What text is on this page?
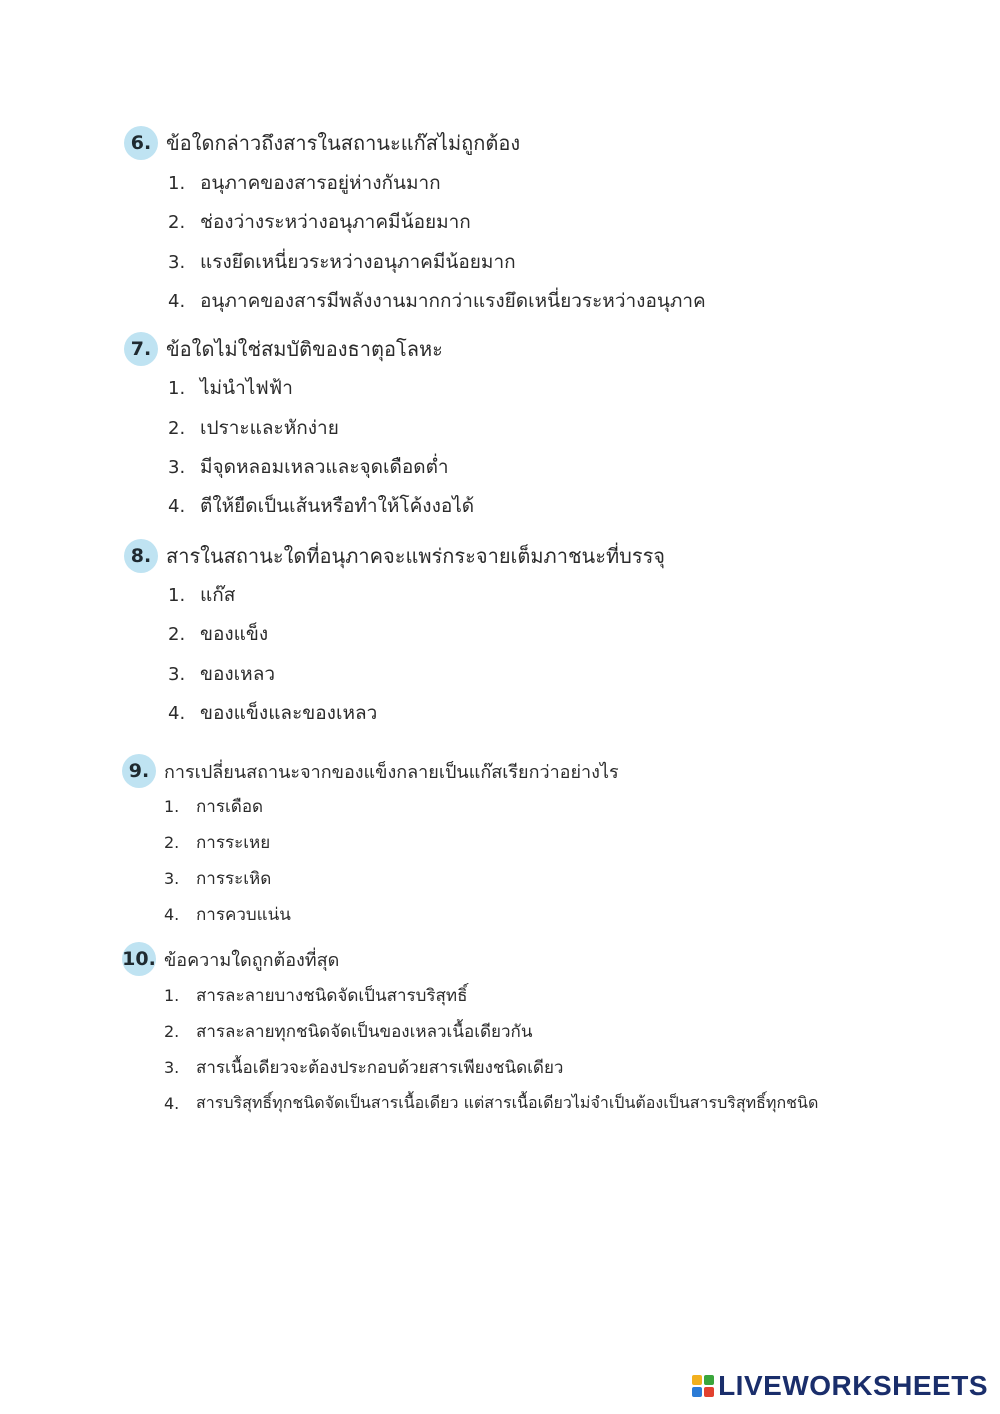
6. ข้อใดกล่าวถึงสารในสถานะแก๊สไม่ถูกต้อง
1. อนุภาคของสารอยู่ห่างกันมาก
2. ช่องว่างระหว่างอนุภาคมีน้อยมาก
3. แรงยึดเหนี่ยวระหว่างอนุภาคมีน้อยมาก
4. อนุภาคของสารมีพลังงานมากกว่าแรงยึดเหนี่ยวระหว่างอนุภาค
7. ข้อใดไม่ใช่สมบัติของธาตุอโลหะ
1. ไม่นำไฟฟ้า
2. เปราะและหักง่าย
3. มีจุดหลอมเหลวและจุดเดือดต่ำ
4. ตีให้ยืดเป็นเส้นหรือทำให้โค้งงอได้
8. สารในสถานะใดที่อนุภาคจะแพร่กระจายเต็มภาชนะที่บรรจุ
1. แก๊ส
2. ของแข็ง
3. ของเหลว
4. ของแข็งและของเหลว
9. การเปลี่ยนสถานะจากของแข็งกลายเป็นแก๊สเรียกว่าอย่างไร
1. การเดือด
2. การระเหย
3. การระเหิด
4. การควบแน่น
10. ข้อความใดถูกต้องที่สุด
1. สารละลายบางชนิดจัดเป็นสารบริสุทธิ์
2. สารละลายทุกชนิดจัดเป็นของเหลวเนื้อเดียวกัน
3. สารเนื้อเดียวจะต้องประกอบด้วยสารเพียงชนิดเดียว
4.	สารบริสุทธิ์ทุกชนิดจัดเป็นสารเนื้อเดียว แต่สารเนื้อเดียวไม่จำเป็นต้องเป็นสารบริสุทธิ์ทุกชนิด
LIVEWORKSHEETS
